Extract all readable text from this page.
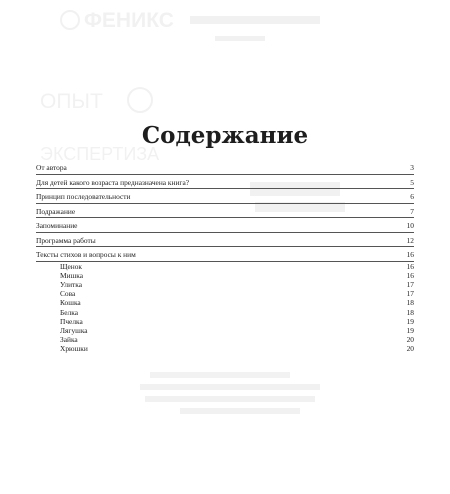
ФЕНИКС
ОПЫТ
ЭКСПЕРТИЗА
Содержание
От автора	3
Для детей какого возраста предназначена книга?	5
Принцип последовательности	6
Подражание	7
Запоминание	10
Программа работы	12
Тексты стихов и вопросы к ним	16
Щенок	16
Мишка	16
Улитка	17
Сова	17
Кошка	18
Белка	18
Пчелка	19
Лягушка	19
Зайка	20
Хрюшки	20
